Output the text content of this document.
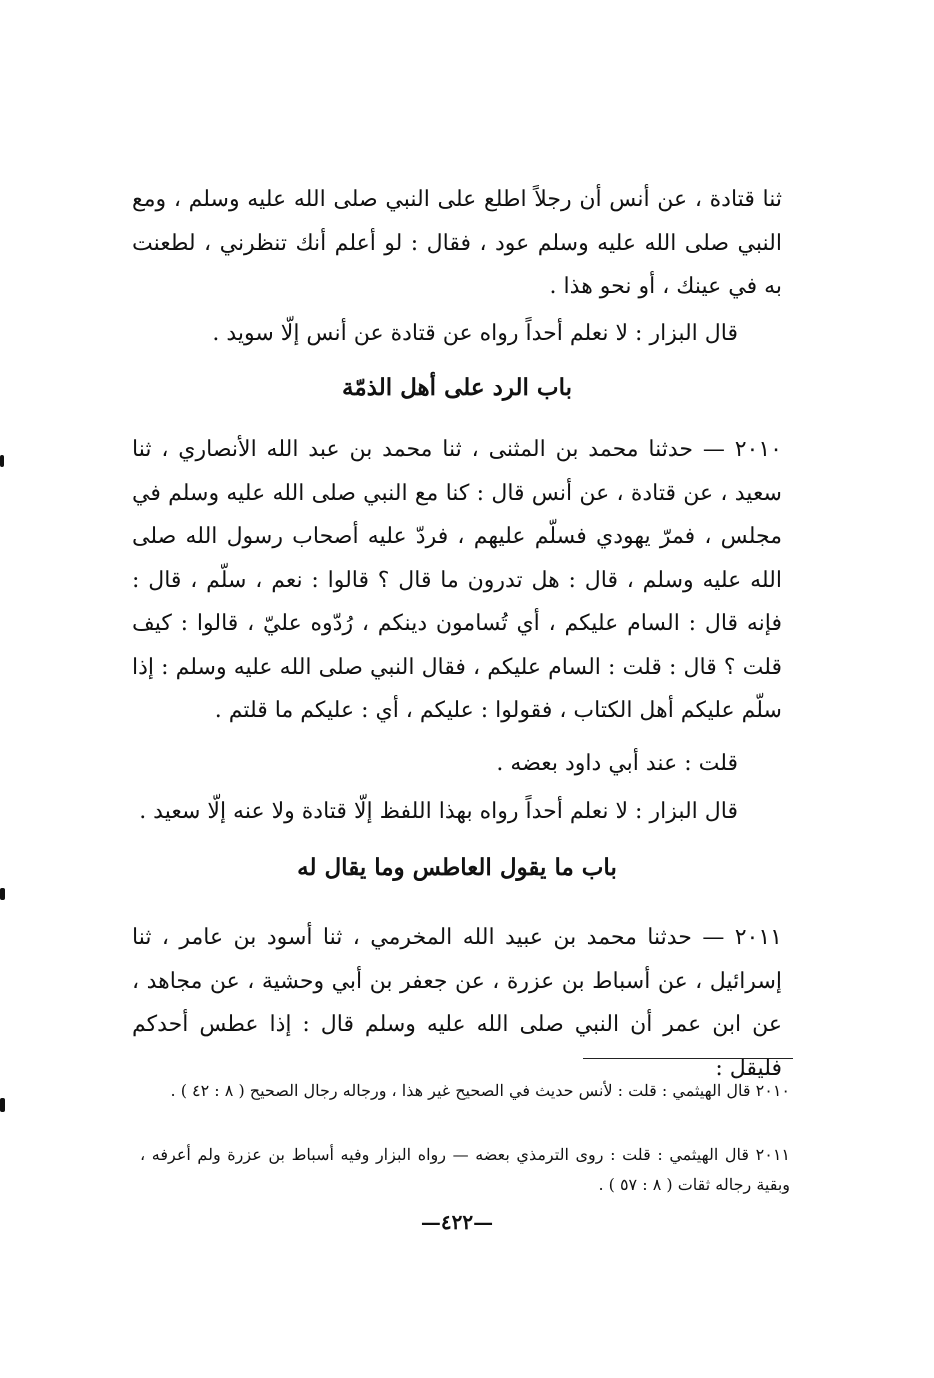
ثنا قتادة ، عن أنس أن رجلاً اطلع على النبي صلى الله عليه وسلم ، ومع النبي صلى الله عليه وسلم عود ، فقال : لو أعلم أنك تنظرني ، لطعنت به في عينك ، أو نحو هذا .

قال البزار : لا نعلم أحداً رواه عن قتادة عن أنس إلّا سويد .

باب الرد على أهل الذمّة

٢٠١٠ — حدثنا محمد بن المثنى ، ثنا محمد بن عبد الله الأنصاري ، ثنا سعيد ، عن قتادة ، عن أنس قال : كنا مع النبي صلى الله عليه وسلم في مجلس ، فمرّ يهودي فسلّم عليهم ، فردّ عليه أصحاب رسول الله صلى الله عليه وسلم ، قال : هل تدرون ما قال ؟ قالوا : نعم ، سلّم ، قال : فإنه قال : السام عليكم ، أي تُسامون دينكم ، رُدّوه عليّ ، قالوا : كيف قلت ؟ قال : قلت : السام عليكم ، فقال النبي صلى الله عليه وسلم : إذا سلّم عليكم أهل الكتاب ، فقولوا : عليكم ، أي : عليكم ما قلتم .

قلت : عند أبي داود بعضه .

قال البزار : لا نعلم أحداً رواه بهذا اللفظ إلّا قتادة ولا عنه إلّا سعيد .

باب ما يقول العاطس وما يقال له

٢٠١١ — حدثنا محمد بن عبيد الله المخرمي ، ثنا أسود بن عامر ، ثنا إسرائيل ، عن أسباط بن عزرة ، عن جعفر بن أبي وحشية ، عن مجاهد ، عن ابن عمر أن النبي صلى الله عليه وسلم قال : إذا عطس أحدكم فليقل :

٢٠١٠ قال الهيثمي : قلت : لأنس حديث في الصحيح غير هذا ، ورجاله رجال الصحيح ( ٨ : ٤٢ ) .

٢٠١١ قال الهيثمي : قلت : روى الترمذي بعضه — رواه البزار وفيه أسباط بن عزرة ولم أعرفه ، وبقية رجاله ثقات ( ٨ : ٥٧ ) .

—٤٢٢—
